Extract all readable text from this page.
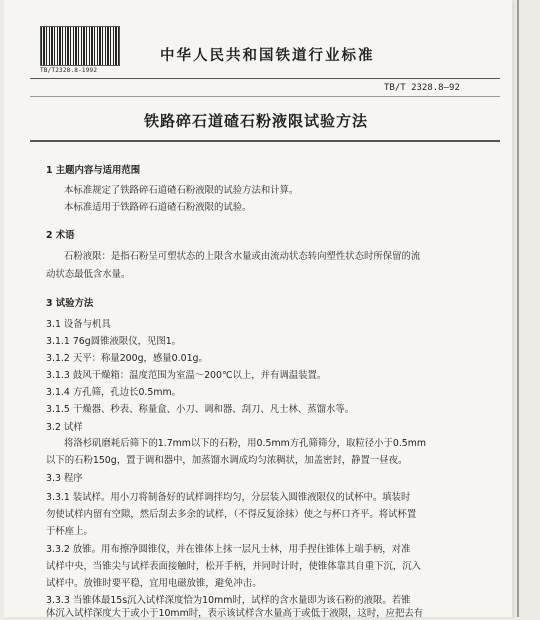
TB/T2328.8-1992
中华人民共和国铁道行业标准
TB/T 2328.8—92
铁路碎石道碴石粉液限试验方法
1 主题内容与适用范围
本标准规定了铁路碎石道碴石粉液限的试验方法和计算。
本标准适用于铁路碎石道碴石粉液限的试验。
2 术语
石粉液限：是指石粉呈可塑状态的上限含水量或由流动状态转向塑性状态时所保留的流
动状态最低含水量。
3 试验方法
3.1 设备与机具
3.1.1 76g圆锥液限仪，见图1。
3.1.2 天平：称量200g，感量0.01g。
3.1.3 鼓风干燥箱：温度范围为室温～200℃以上，并有调温装置。
3.1.4 方孔筛，孔边长0.5mm。
3.1.5 干燥器、秒表、称量盒、小刀、调和器、刮刀、凡士林、蒸馏水等。
3.2 试样
将洛杉矶磨耗后筛下的1.7mm以下的石粉，用0.5mm方孔筛筛分，取粒径小于0.5mm
以下的石粉150g，置于调和器中，加蒸馏水调成均匀浓稠状，加盖密封，静置一昼夜。
3.3 程序
3.3.1 装试样。用小刀将制备好的试样调拌均匀，分层装入圆锥液限仪的试杯中。填装时
勿使试样内留有空隙，然后刮去多余的试样，（不得反复涂抹）使之与杯口齐平。将试杯置
于杯座上。
3.3.2 放锥。用布擦净圆锥仪，并在锥体上抹一层凡士林，用手捏住锥体上端手柄，对准
试样中央，当锥尖与试样表面接触时，松开手柄，并同时计时，使锥体靠其自重下沉，沉入
试样中。放锥时要平稳，宜用电磁放锥，避免冲击。
3.3.3 当锥体最15s沉入试样深度恰为10mm时，试样的含水量即为该石粉的液限。若锥
体沉入试样深度大于或小于10mm时，表示该试样含水量高于或低于液限，这时，应把去有
